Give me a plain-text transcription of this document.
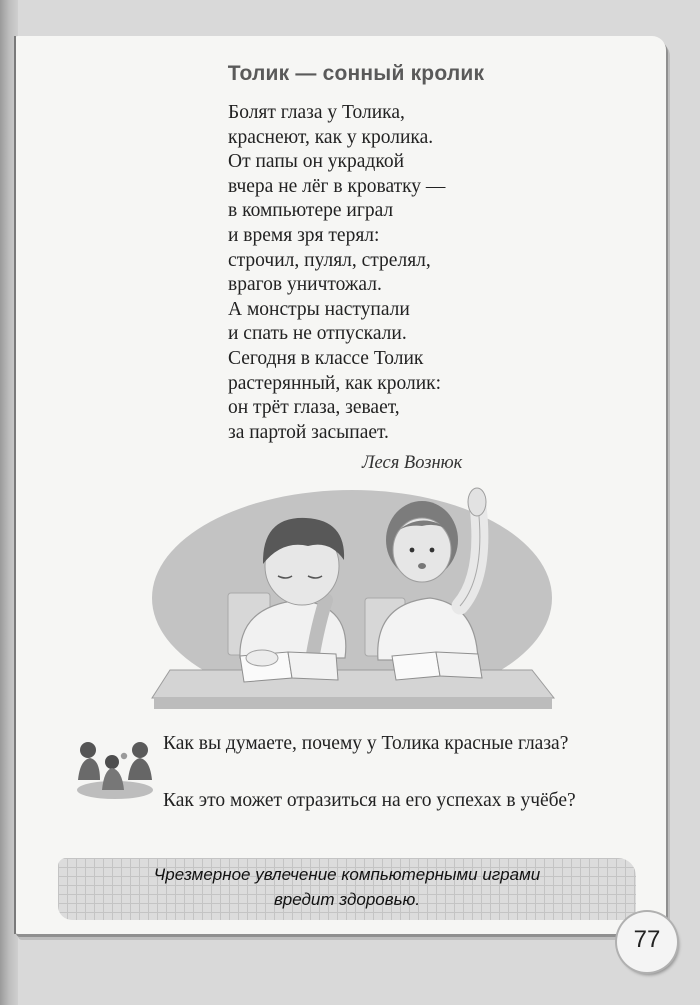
Толик — сонный кролик
Болят глаза у Толика,
краснеют, как у кролика.
От папы он украдкой
вчера не лёг в кроватку —
в компьютере играл
и время зря терял:
строчил, пулял, стрелял,
врагов уничтожал.
А монстры наступали
и спать не отпускали.
Сегодня в классе Толик
растерянный, как кролик:
он трёт глаза, зевает,
за партой засыпает.
Леся Вознюк

Как вы думаете, почему у Толика красные глаза?

Как это может отразиться на его успехах в учёбе?

Чрезмерное увлечение компьютерными играми
вредит здоровью.

77
